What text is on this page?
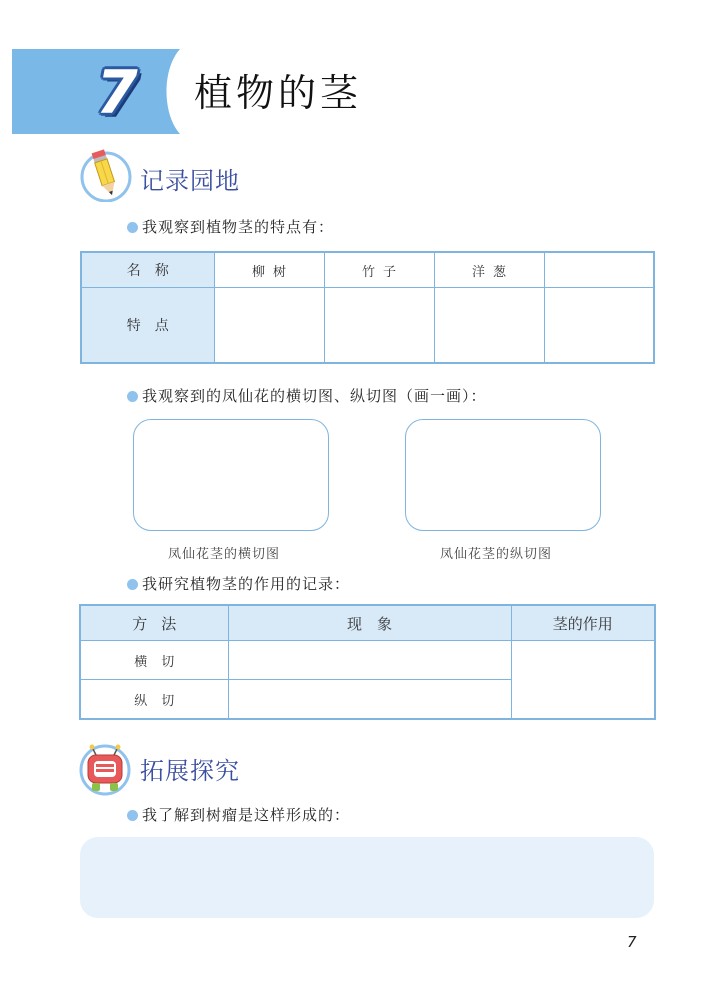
7 植物的茎
记录园地
我观察到植物茎的特点有：
名称	柳树	竹子	洋葱	
特点				
我观察到的凤仙花的横切图、纵切图（画一画）：
凤仙花茎的横切图	凤仙花茎的纵切图
我研究植物茎的作用的记录：
方法	现　象	茎的作用
横切		
纵切		
拓展探究
我了解到树瘤是这样形成的：
7
